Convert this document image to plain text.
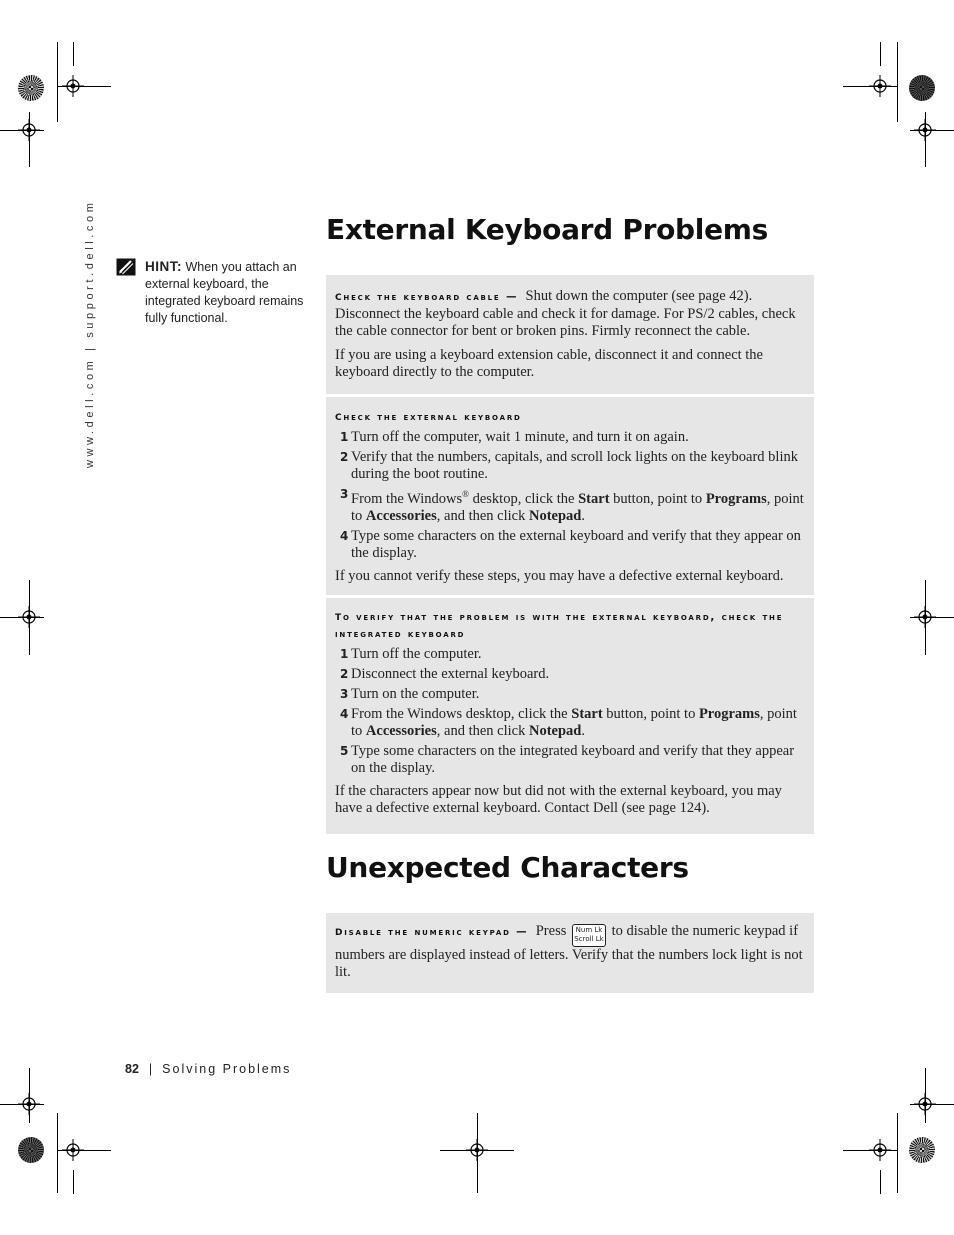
www.dell.com | support.dell.com	HINT: When you attach an external keyboard, the integrated keyboard remains fully functional.
External Keyboard Problems

check the keyboard cable — Shut down the computer (see page 42). Disconnect the keyboard cable and check it for damage. For PS/2 cables, check the cable connector for bent or broken pins. Firmly reconnect the cable.

If you are using a keyboard extension cable, disconnect it and connect the keyboard directly to the computer.

check the external keyboard
1 Turn off the computer, wait 1 minute, and turn it on again.
2 Verify that the numbers, capitals, and scroll lock lights on the keyboard blink during the boot routine.
3 From the Windows® desktop, click the Start button, point to Programs, point to Accessories, and then click Notepad.
4 Type some characters on the external keyboard and verify that they appear on the display.

If you cannot verify these steps, you may have a defective external keyboard.

to verify that the problem is with the external keyboard, check the integrated keyboard
1 Turn off the computer.
2 Disconnect the external keyboard.
3 Turn on the computer.
4 From the Windows desktop, click the Start button, point to Programs, point to Accessories, and then click Notepad.
5 Type some characters on the integrated keyboard and verify that they appear on the display.

If the characters appear now but did not with the external keyboard, you may have a defective external keyboard. Contact Dell (see page 124).

Unexpected Characters

disable the numeric keypad — Press Num Lk
Scroll Lk to disable the numeric keypad if numbers are displayed instead of letters. Verify that the numbers lock light is not lit.

82 | Solving Problems
